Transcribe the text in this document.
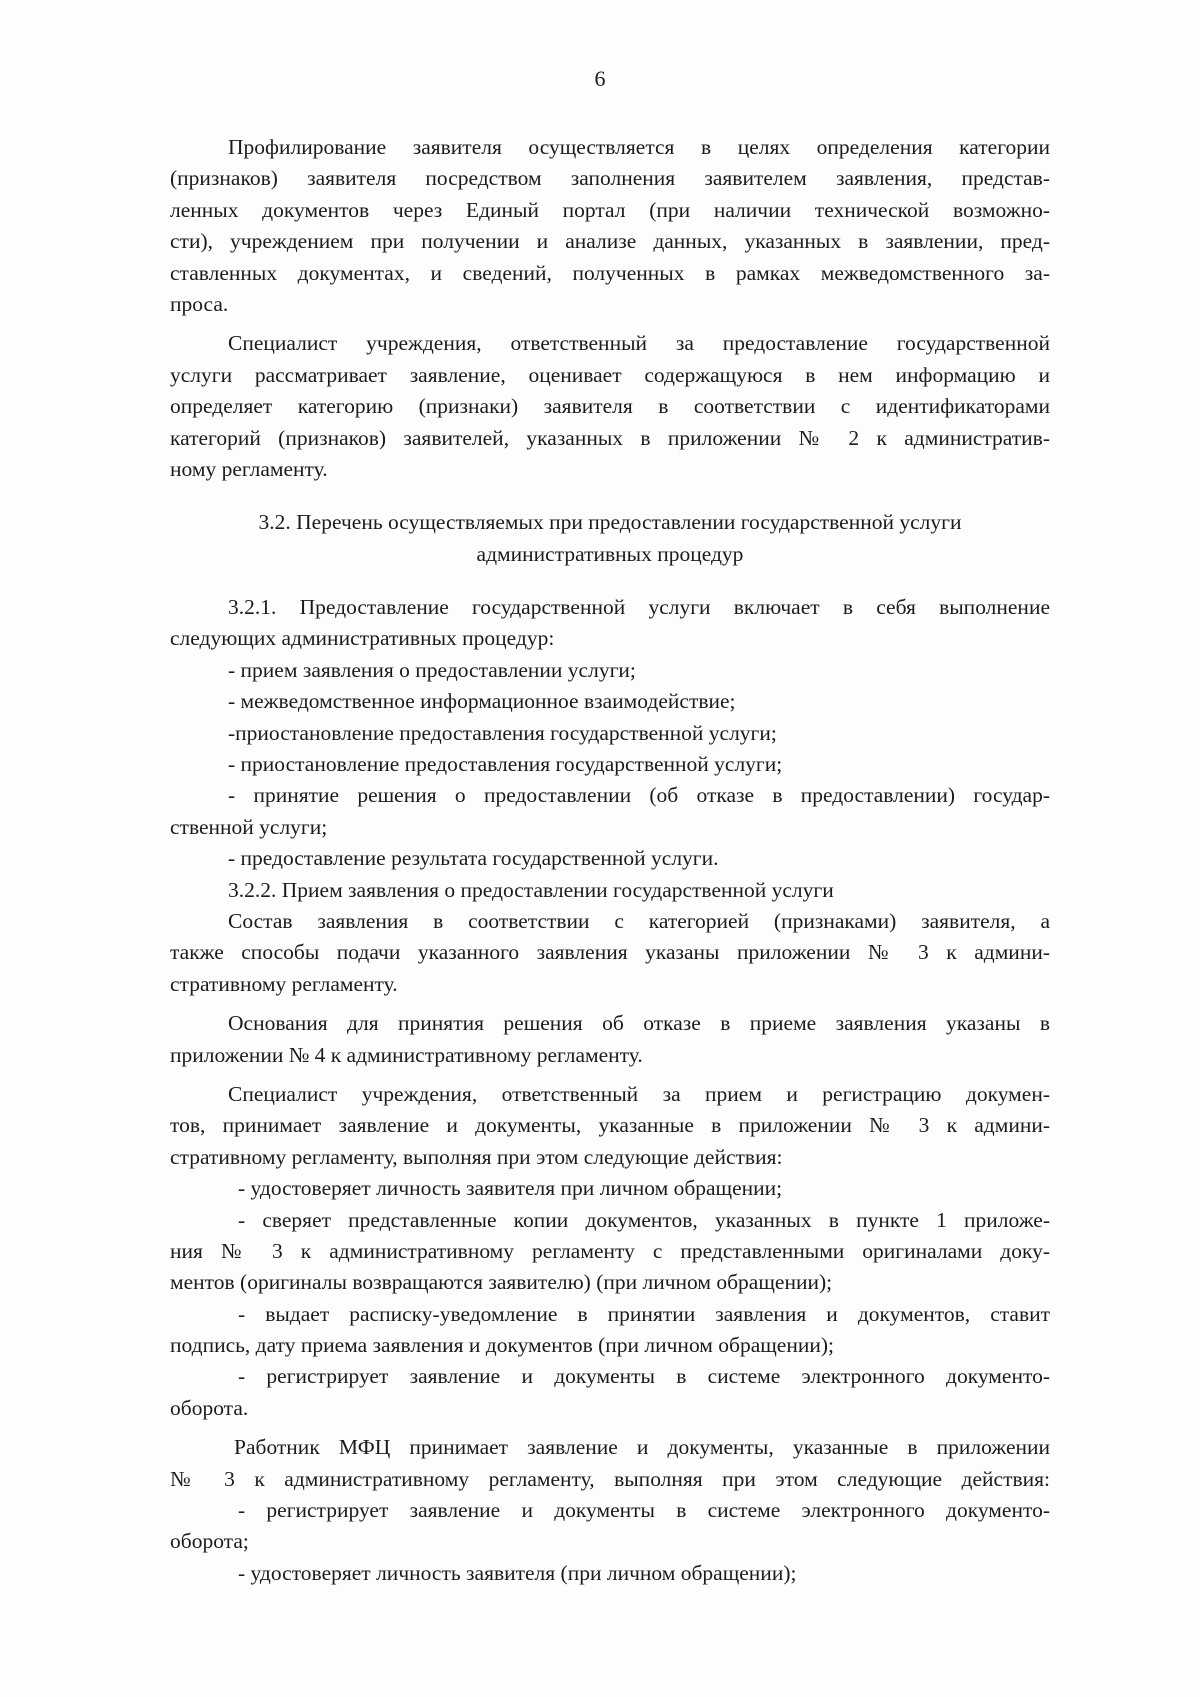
6
Профилирование заявителя осуществляется в целях определения категории
(признаков) заявителя посредством заполнения заявителем заявления, представ-
ленных документов через Единый портал (при наличии технической возможно-
сти), учреждением при получении и анализе данных, указанных в заявлении, пред-
ставленных документах, и сведений, полученных в рамках межведомственного за-
проса.
Специалист учреждения, ответственный за предоставление государственной
услуги рассматривает заявление, оценивает содержащуюся в нем информацию и
определяет категорию (признаки) заявителя в соответствии с идентификаторами
категорий (признаков) заявителей, указанных в приложении № 2 к административ-
ному регламенту.
3.2. Перечень осуществляемых при предоставлении государственной услуги
административных процедур
3.2.1. Предоставление государственной услуги включает в себя выполнение
следующих административных процедур:
- прием заявления о предоставлении услуги;
- межведомственное информационное взаимодействие;
-приостановление предоставления государственной услуги;
- приостановление предоставления государственной услуги;
- принятие решения о предоставлении (об отказе в предоставлении) государ-
ственной услуги;
- предоставление результата государственной услуги.
3.2.2. Прием заявления о предоставлении государственной услуги
Состав заявления в соответствии с категорией (признаками) заявителя, а
также способы подачи указанного заявления указаны приложении № 3 к админи-
стративному регламенту.
Основания для принятия решения об отказе в приеме заявления указаны в
приложении № 4 к административному регламенту.
Специалист учреждения, ответственный за прием и регистрацию докумен-
тов, принимает заявление и документы, указанные в приложении № 3 к админи-
стративному регламенту, выполняя при этом следующие действия:
- удостоверяет личность заявителя при личном обращении;
- сверяет представленные копии документов, указанных в пункте 1 приложе-
ния № 3 к административному регламенту с представленными оригиналами доку-
ментов (оригиналы возвращаются заявителю) (при личном обращении);
- выдает расписку-уведомление в принятии заявления и документов, ставит
подпись, дату приема заявления и документов (при личном обращении);
- регистрирует заявление и документы в системе электронного документо-
оборота.
Работник МФЦ принимает заявление и документы, указанные в приложении
№ 3 к административному регламенту, выполняя при этом следующие действия:
- регистрирует заявление и документы в системе электронного документо-
оборота;
- удостоверяет личность заявителя (при личном обращении);
